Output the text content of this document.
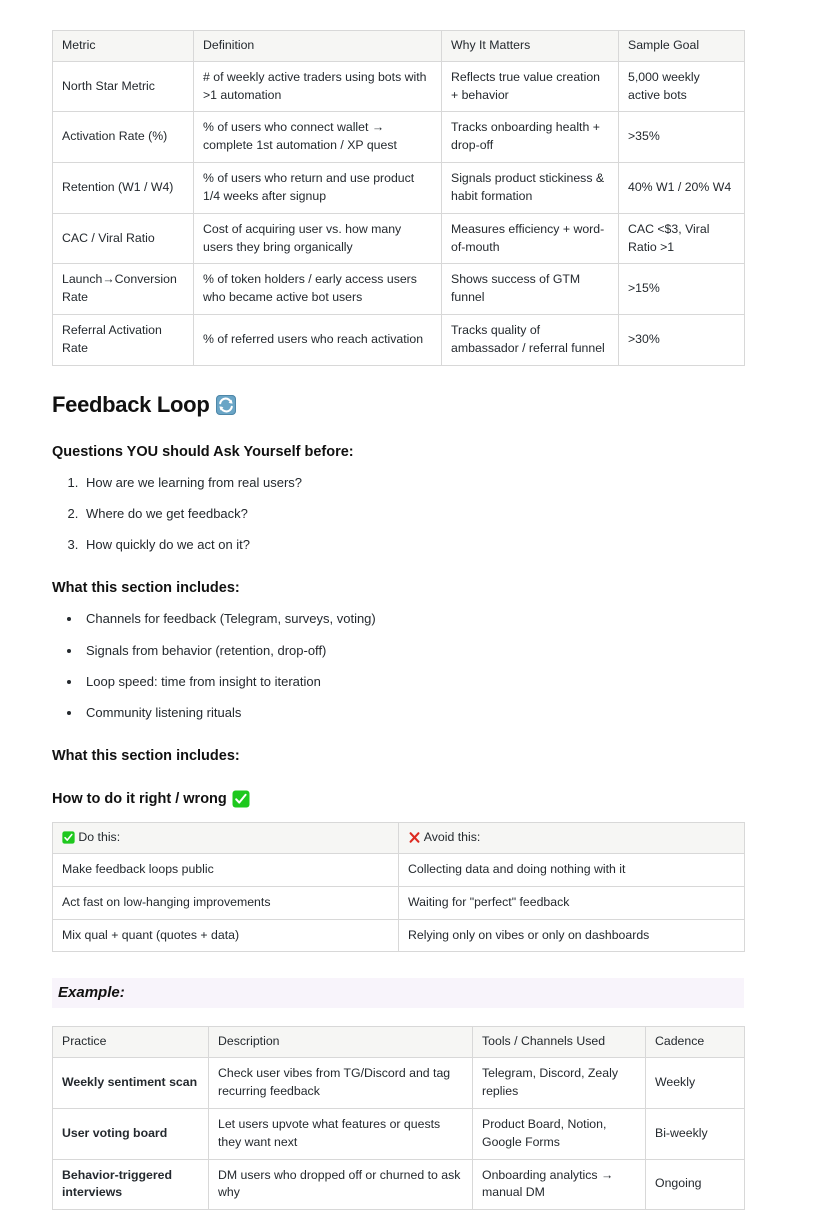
Metric	Definition	Why It Matters	Sample Goal
North Star Metric	# of weekly active traders using bots with >1 automation	Reflects true value creation + behavior	5,000 weekly active bots
Activation Rate (%)	% of users who connect wallet → complete 1st automation / XP quest	Tracks onboarding health + drop-off	>35%
Retention (W1 / W4)	% of users who return and use product 1/4 weeks after signup	Signals product stickiness & habit formation	40% W1 / 20% W4
CAC / Viral Ratio	Cost of acquiring user vs. how many users they bring organically	Measures efficiency + word-of-mouth	CAC <$3, Viral Ratio >1
Launch→Conversion Rate	% of token holders / early access users who became active bot users	Shows success of GTM funnel	>15%
Referral Activation Rate	% of referred users who reach activation	Tracks quality of ambassador / referral funnel	>30%
Feedback Loop
Questions YOU should Ask Yourself before:
1. How are we learning from real users?
2. Where do we get feedback?
3. How quickly do we act on it?
What this section includes:
• Channels for feedback (Telegram, surveys, voting)
• Signals from behavior (retention, drop-off)
• Loop speed: time from insight to iteration
• Community listening rituals
What this section includes:
How to do it right / wrong
Do this:	Avoid this:
Make feedback loops public	Collecting data and doing nothing with it
Act fast on low-hanging improvements	Waiting for "perfect" feedback
Mix qual + quant (quotes + data)	Relying only on vibes or only on dashboards
Example:
Practice	Description	Tools / Channels Used	Cadence
Weekly sentiment scan	Check user vibes from TG/Discord and tag recurring feedback	Telegram, Discord, Zealy replies	Weekly
User voting board	Let users upvote what features or quests they want next	Product Board, Notion, Google Forms	Bi-weekly
Behavior-triggered interviews	DM users who dropped off or churned to ask why	Onboarding analytics → manual DM	Ongoing
